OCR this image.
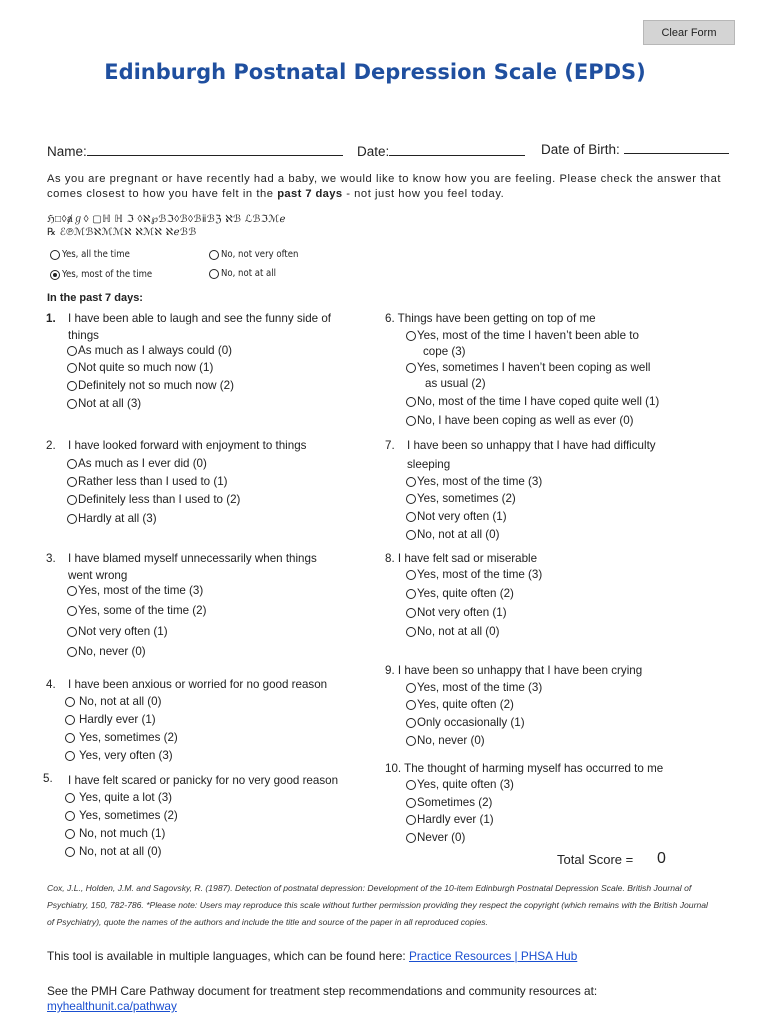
Clear Form
Edinburgh Postnatal Depression Scale (EPDS)
Name:	Date:	Date of Birth:
As you are pregnant or have recently had a baby, we would like to know how you are feeling. Please check the answer that comes closest to how you have felt in the past 7 days - not just how you feel today.
ℌ□◊ⱥℊ◊ ▢ℍ ℍ ℑ ◊ℵ℘ℬℑ◊ℬ◊ℬⅱℬℨ ℵℬ ℒℬℑℳℯ
℞ ℰ℗ℳℬℵℳℳℵ ℵℳℵ ℵℯℬℬ
Yes, all the time
Yes, most of the time
No, not very often
No, not at all
In the past 7 days:
1. I have been able to laugh and see the funny side of
things
As much as I always could (0)
Not quite so much now (1)
Definitely not so much now (2)
Not at all (3)
2. I have looked forward with enjoyment to things
As much as I ever did (0)
Rather less than I used to (1)
Definitely less than I used to (2)
Hardly at all (3)
3. I have blamed myself unnecessarily when things
went wrong
Yes, most of the time (3)
Yes, some of the time (2)
Not very often (1)
No, never (0)
4. I have been anxious or worried for no good reason
No, not at all (0)
Hardly ever (1)
Yes, sometimes (2)
Yes, very often (3)
5. I have felt scared or panicky for no very good reason
Yes, quite a lot (3)
Yes, sometimes (2)
No, not much (1)
No, not at all (0)
6. Things have been getting on top of me
Yes, most of the time I haven’t been able to
cope (3)
Yes, sometimes I haven’t been coping as well
as usual (2)
No, most of the time I have coped quite well (1)
No, I have been coping as well as ever (0)
7. I have been so unhappy that I have had difficulty
sleeping
Yes, most of the time (3)
Yes, sometimes (2)
Not very often (1)
No, not at all (0)
8. I have felt sad or miserable
Yes, most of the time (3)
Yes, quite often (2)
Not very often (1)
No, not at all (0)
9. I have been so unhappy that I have been crying
Yes, most of the time (3)
Yes, quite often (2)
Only occasionally (1)
No, never (0)
10. The thought of harming myself has occurred to me
Yes, quite often (3)
Sometimes (2)
Hardly ever (1)
Never (0)
Total Score = 0
Cox, J.L., Holden, J.M. and Sagovsky, R. (1987). Detection of postnatal depression: Development of the 10-item Edinburgh Postnatal Depression Scale. British Journal of Psychiatry, 150, 782-786. *Please note: Users may reproduce this scale without further permission providing they respect the copyright (which remains with the British Journal of Psychiatry), quote the names of the authors and include the title and source of the paper in all reproduced copies.
This tool is available in multiple languages, which can be found here: Practice Resources | PHSA Hub
See the PMH Care Pathway document for treatment step recommendations and community resources at:
myhealthunit.ca/pathway
